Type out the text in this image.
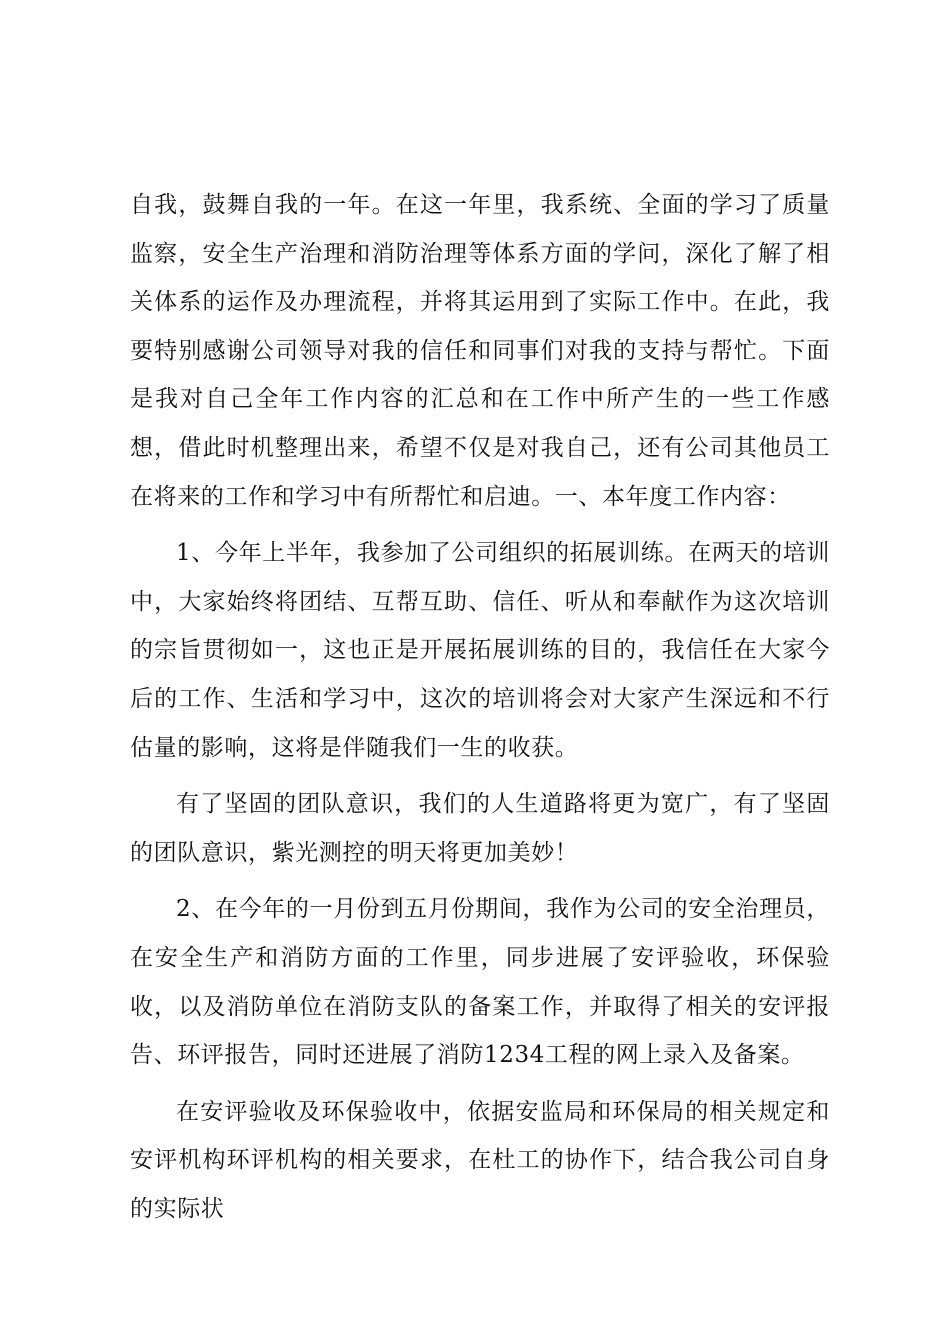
自我，鼓舞自我的一年。在这一年里，我系统、全面的学习了质量监察，安全生产治理和消防治理等体系方面的学问，深化了解了相关体系的运作及办理流程，并将其运用到了实际工作中。在此，我要特别感谢公司领导对我的信任和同事们对我的支持与帮忙。下面是我对自己全年工作内容的汇总和在工作中所产生的一些工作感想，借此时机整理出来，希望不仅是对我自己，还有公司其他员工在将来的工作和学习中有所帮忙和启迪。一、本年度工作内容：

1、今年上半年，我参加了公司组织的拓展训练。在两天的培训中，大家始终将团结、互帮互助、信任、听从和奉献作为这次培训的宗旨贯彻如一，这也正是开展拓展训练的目的，我信任在大家今后的工作、生活和学习中，这次的培训将会对大家产生深远和不行估量的影响，这将是伴随我们一生的收获。

有了坚固的团队意识，我们的人生道路将更为宽广，有了坚固的团队意识，紫光测控的明天将更加美妙！

2、在今年的一月份到五月份期间，我作为公司的安全治理员，在安全生产和消防方面的工作里，同步进展了安评验收，环保验收，以及消防单位在消防支队的备案工作，并取得了相关的安评报告、环评报告，同时还进展了消防1234工程的网上录入及备案。

在安评验收及环保验收中，依据安监局和环保局的相关规定和安评机构环评机构的相关要求，在杜工的协作下，结合我公司自身的实际状
